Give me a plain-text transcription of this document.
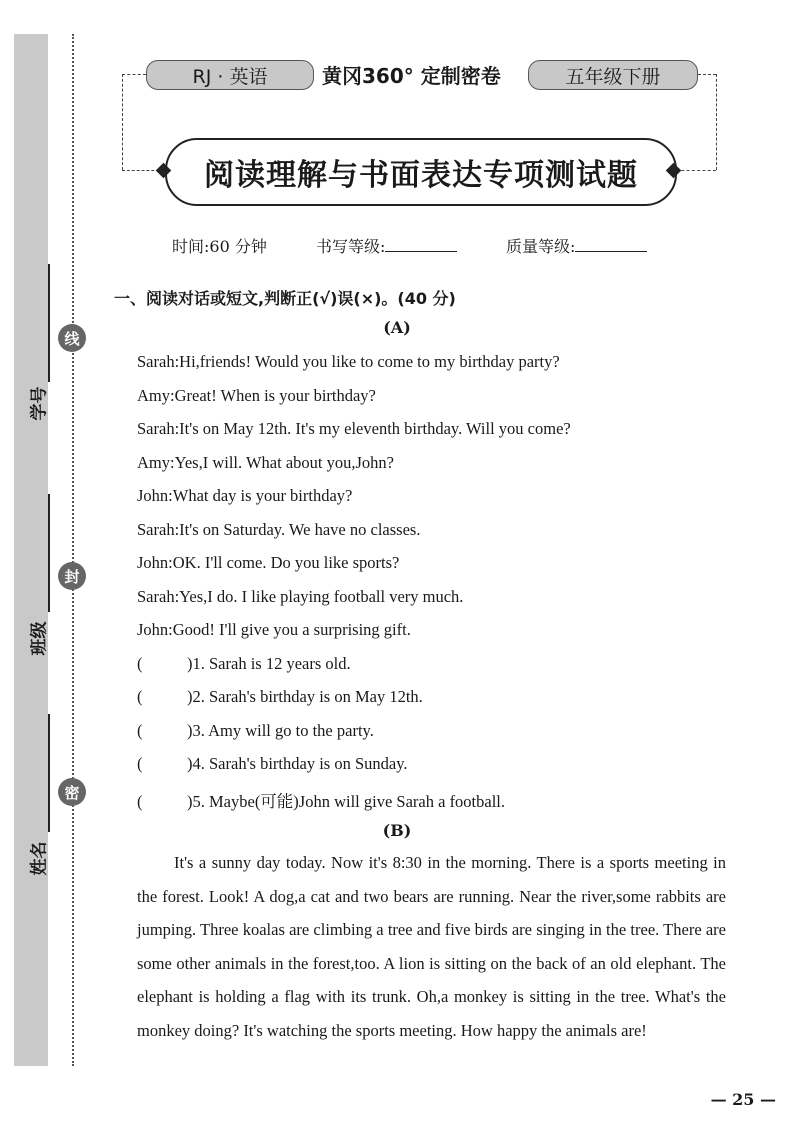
学号
班级
姓名
线
封
密
RJ · 英语	黄冈360° 定制密卷	五年级下册
阅读理解与书面表达专项测试题
时间:60 分钟	书写等级:	质量等级:
一、阅读对话或短文,判断正(√)误(×)。(40 分)
(A)
Sarah:Hi,friends! Would you like to come to my birthday party?
Amy:Great! When is your birthday?
Sarah:It's on May 12th. It's my eleventh birthday. Will you come?
Amy:Yes,I will. What about you,John?
John:What day is your birthday?
Sarah:It's on Saturday. We have no classes.
John:OK. I'll come. Do you like sports?
Sarah:Yes,I do. I like playing football very much.
John:Good! I'll give you a surprising gift.
(	)1. Sarah is 12 years old.
(	)2. Sarah's birthday is on May 12th.
(	)3. Amy will go to the party.
(	)4. Sarah's birthday is on Sunday.
(	)5. Maybe(可能)John will give Sarah a football.
(B)

It's a sunny day today. Now it's 8:30 in the morning. There is a sports meeting in the forest. Look! A dog,a cat and two bears are running. Near the river,some rabbits are jumping. Three koalas are climbing a tree and five birds are singing in the tree. There are some other animals in the forest,too. A lion is sitting on the back of an old elephant. The elephant is holding a flag with its trunk. Oh,a monkey is sitting in the tree. What's the monkey doing? It's watching the sports meeting. How happy the animals are!

— 25 —
